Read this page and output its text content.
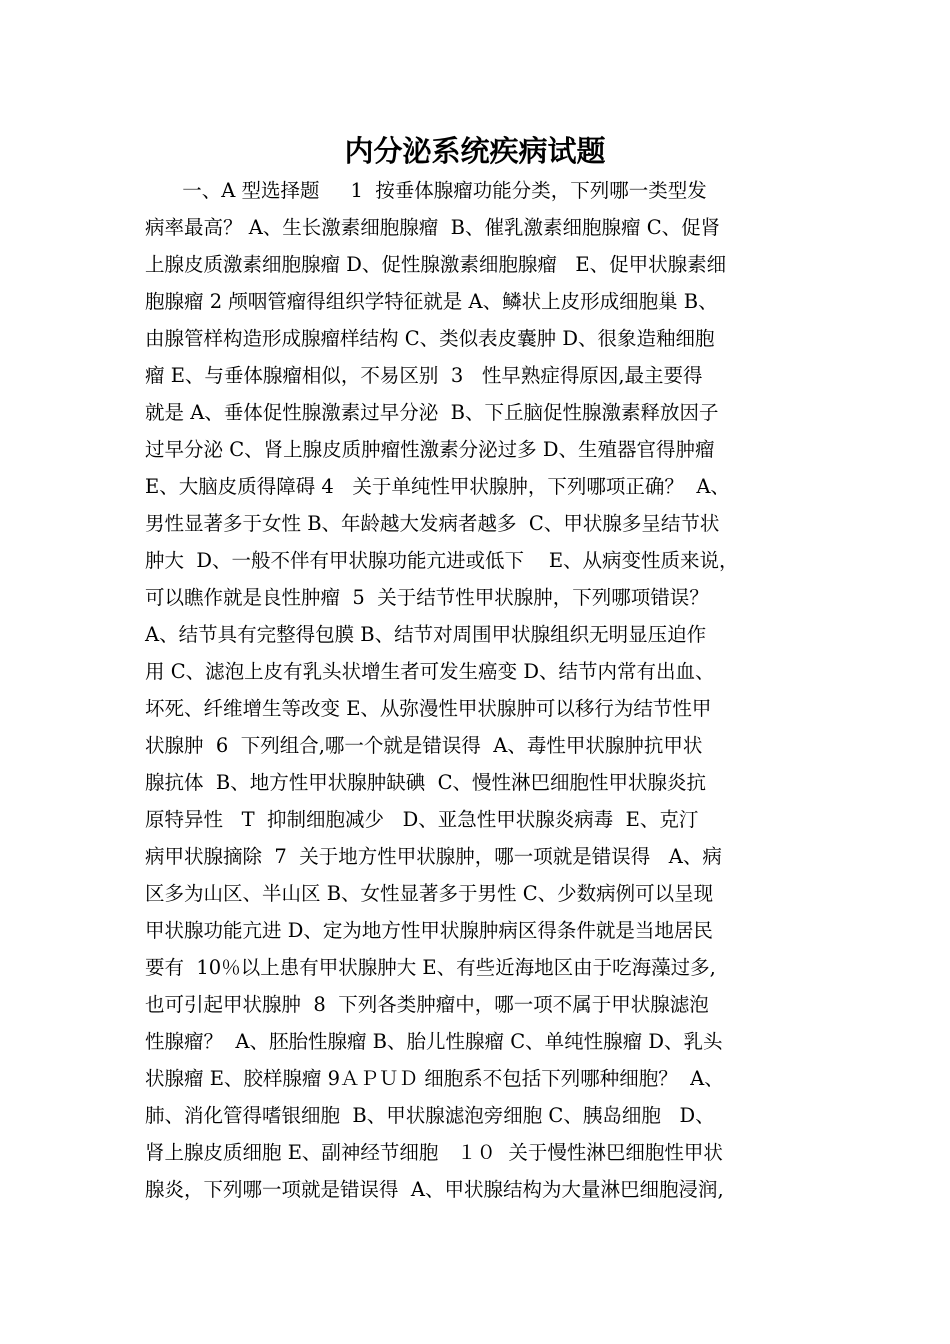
内分泌系统疾病试题
一、A 型选择题     1  按垂体腺瘤功能分类，下列哪一类型发
病率最高？ A、生长激素细胞腺瘤  B、催乳激素细胞腺瘤 C、促肾
上腺皮质激素细胞腺瘤 D、促性腺激素细胞腺瘤   E、促甲状腺素细
胞腺瘤 2 颅咽管瘤得组织学特征就是 A、鳞状上皮形成细胞巢 B、
由腺管样构造形成腺瘤样结构 C、类似表皮囊肿 D、很象造釉细胞
瘤 E、与垂体腺瘤相似，不易区别  3   性早熟症得原因,最主要得
就是 A、垂体促性腺激素过早分泌  B、下丘脑促性腺激素释放因子
过早分泌 C、肾上腺皮质肿瘤性激素分泌过多 D、生殖器官得肿瘤
E、大脑皮质得障碍 4   关于单纯性甲状腺肿，下列哪项正确？  A、
男性显著多于女性 B、年龄越大发病者越多  C、甲状腺多呈结节状
肿大  D、一般不伴有甲状腺功能亢进或低下    E、从病变性质来说，
可以瞧作就是良性肿瘤  5  关于结节性甲状腺肿，下列哪项错误？
A、结节具有完整得包膜 B、结节对周围甲状腺组织无明显压迫作
用 C、滤泡上皮有乳头状增生者可发生癌变 D、结节内常有出血、
坏死、纤维增生等改变 E、从弥漫性甲状腺肿可以移行为结节性甲
状腺肿  6  下列组合,哪一个就是错误得  A、毒性甲状腺肿抗甲状
腺抗体  B、地方性甲状腺肿缺碘  C、慢性淋巴细胞性甲状腺炎抗
原特异性   T  抑制细胞减少   D、亚急性甲状腺炎病毒  E、克汀
病甲状腺摘除  7  关于地方性甲状腺肿，哪一项就是错误得   A、病
区多为山区、半山区 B、女性显著多于男性 C、少数病例可以呈现
甲状腺功能亢进 D、定为地方性甲状腺肿病区得条件就是当地居民
要有  10％以上患有甲状腺肿大 E、有些近海地区由于吃海藻过多,
也可引起甲状腺肿  8  下列各类肿瘤中，哪一项不属于甲状腺滤泡
性腺瘤？  A、胚胎性腺瘤 B、胎儿性腺瘤 C、单纯性腺瘤 D、乳头
状腺瘤 E、胶样腺瘤 9ＡＰＵＤ 细胞系不包括下列哪种细胞？  A、
肺、消化管得嗜银细胞  B、甲状腺滤泡旁细胞 C、胰岛细胞   D、
肾上腺皮质细胞 E、副神经节细胞   １０  关于慢性淋巴细胞性甲状
腺炎，下列哪一项就是错误得  A、甲状腺结构为大量淋巴细胞浸润,
